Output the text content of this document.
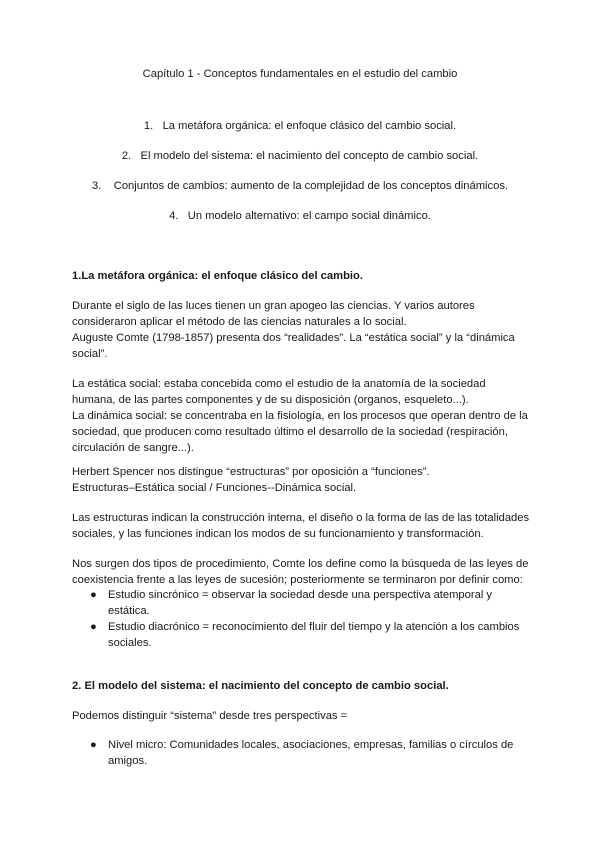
Capítulo 1 - Conceptos fundamentales en el estudio del cambio
1. La metáfora orgánica: el enfoque clásico del cambio social.
2. El modelo del sistema: el nacimiento del concepto de cambio social.
3. Conjuntos de cambios: aumento de la complejidad de los conceptos dinámicos.
4. Un modelo alternativo: el campo social dinámico.
1.La metáfora orgánica: el enfoque clásico del cambio.
Durante el siglo de las luces tienen un gran apogeo las ciencias. Y varios autores
consideraron aplicar el método de las ciencias naturales a lo social.
Auguste Comte (1798-1857) presenta dos “realidades”. La “estática social” y la “dinámica
social”.
La estática social: estaba concebida como el estudio de la anatomía de la sociedad
humana, de las partes componentes y de su disposición (organos, esqueleto...).
La dinámica social: se concentraba en la fisiología, en los procesos que operan dentro de la
sociedad, que producen como resultado último el desarrollo de la sociedad (respiración,
circulación de sangre...).
Herbert Spencer nos distingue “estructuras” por oposición a “funciones”.
Estructuras–Estática social / Funciones--Dinámica social.
Las estructuras indican la construcción interna, el diseño o la forma de las de las totalidades
sociales, y las funciones indican los modos de su funcionamiento y transformación.
Nos surgen dos tipos de procedimiento, Comte los define como la búsqueda de las leyes de
coexistencia frente a las leyes de sucesión; posteriormente se terminaron por definir como:
● Estudio sincrónico = observar la sociedad desde una perspectiva atemporal y
estática.
● Estudio diacrónico = reconocimiento del fluir del tiempo y la atención a los cambios
sociales.
2. El modelo del sistema: el nacimiento del concepto de cambio social.
Podemos distinguir “sistema” desde tres perspectivas =
● Nivel micro: Comunidades locales, asociaciones, empresas, familias o círculos de
amigos.
